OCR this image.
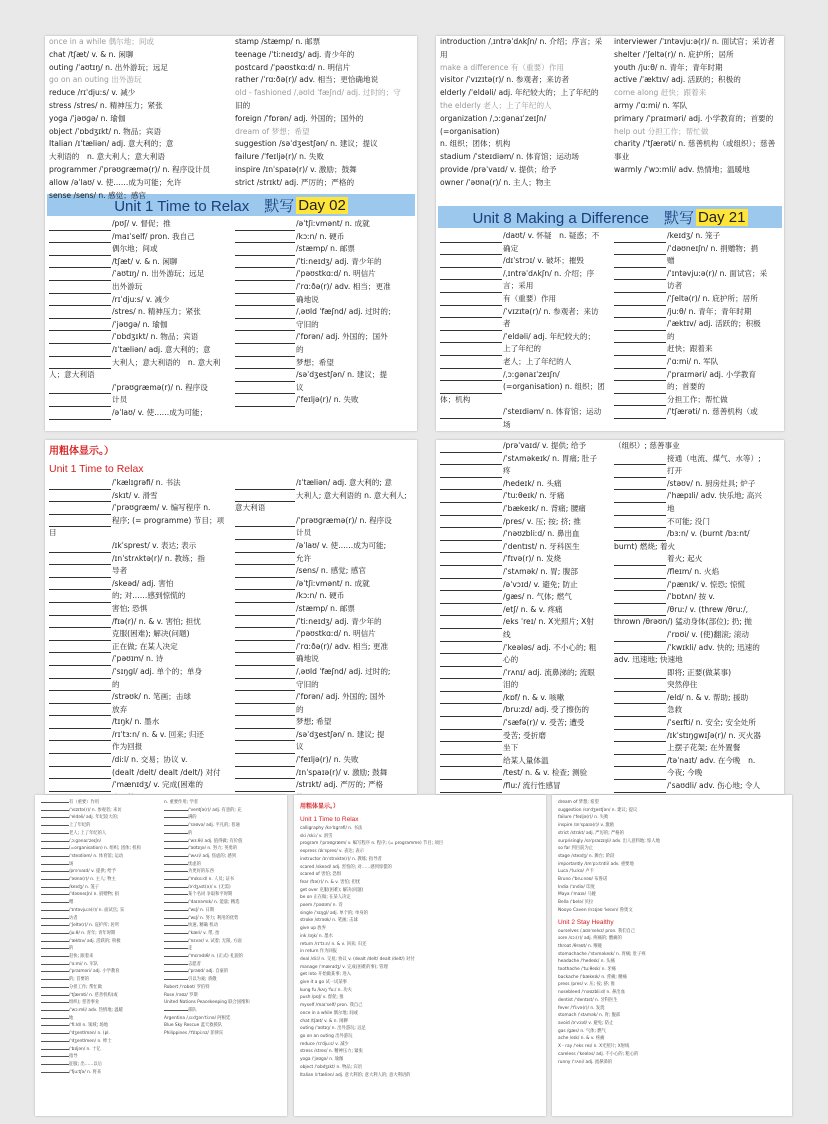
once in a while 偶尔地；间或
chat /tʃæt/ v. & n. 闲聊
outing /ˈaʊtɪŋ/ n. 出外游玩；远足
go on an outing 出外游玩
reduce /rɪˈdjuːs/ v. 减少
stress /stres/ n. 精神压力；紧张
yoga /ˈjəʊɡə/ n. 瑜伽
object /ˈɒbdʒɪkt/ n. 物品；宾语
Italian /ɪˈtæliən/ adj. 意大利的；意
大利语的　n. 意大利人；意大利语
programmer /ˈprəʊɡræmə(r)/ n. 程序设计员
allow /əˈlaʊ/ v. 使……成为可能；允许
sense /sens/ n. 感觉；感官
stamp /stæmp/ n. 邮票
teenage /ˈtiːneɪdʒ/ adj. 青少年的
postcard /ˈpəʊstkɑːd/ n. 明信片
rather /ˈrɑːðə(r)/ adv. 相当；更恰确地说
old - fashioned /ˌəʊld ˈfæʃnd/ adj. 过时的；守
旧的
foreign /ˈfɒrən/ adj. 外国的；国外的
dream of 梦想；希望
suggestion /səˈdʒestʃən/ n. 建议；提议
failure /ˈfeɪljə(r)/ n. 失败
inspire /ɪnˈspaɪə(r)/ v. 激励；鼓舞
strict /strɪkt/ adj. 严厉的；严格的
Unit 1 Time to Relax　默写 Day 02
/pʊʃ/ v. 督促；推
/maɪˈself/ pron. 我自己
偶尔地；间或
/tʃæt/ v. & n. 闲聊
/ˈaʊtɪŋ/ n. 出外游玩；远足
出外游玩
/rɪˈdjuːs/ v. 减少
/stres/ n. 精神压力；紧张
/ˈjəʊɡə/ n. 瑜伽
/ˈɒbdʒɪkt/ n. 物品；宾语
/ɪˈtæliən/ adj. 意大利的；意
大利人；意大利语的　n. 意大利人；意大利语
/ˈprəʊɡræmə(r)/ n. 程序设
计员
/əˈlaʊ/ v. 使……成为可能；
/əˈtʃiːvmənt/ n. 成就
/kɔːn/ n. 硬币
/stæmp/ n. 邮票
/ˈtiːneɪdʒ/ adj. 青少年的
/ˈpəʊstkɑːd/ n. 明信片
/ˈrɑːðə(r)/ adv. 相当；更准
确地说
/ˌəʊld ˈfæʃnd/ adj. 过时的；
守旧的
/ˈfɒrən/ adj. 外国的；国外
的
梦想；希望
/səˈdʒestʃən/ n. 建议；提
议
/ˈfeɪljə(r)/ n. 失败
introduction /ˌɪntrəˈdʌkʃn/ n. 介绍；序言；采
用
make a difference 有（重要）作用
visitor /ˈvɪzɪtə(r)/ n. 参观者；来访者
elderly /ˈeldəli/ adj. 年纪较大的；上了年纪的
the elderly 老人；上了年纪的人
organization /ˌɔːɡənaɪˈzeɪʃn/ (=organisation)
n. 组织；团体；机构
stadium /ˈsteɪdiəm/ n. 体育馆；运动场
provide /prəˈvaɪd/ v. 提供；给予
owner /ˈəʊnə(r)/ n. 主人；物主
interviewer /ˈɪntəvjuːə(r)/ n. 面试官；采访者
shelter /ˈʃeltə(r)/ n. 庇护所；居所
youth /juːθ/ n. 青年；青年时期
active /ˈæktɪv/ adj. 活跃的；积极的
come along 赶快；跟着来
army /ˈɑːmi/ n. 军队
primary /ˈpraɪməri/ adj. 小学教育的；首要的
help out 分担工作；帮忙做
charity /ˈtʃærəti/ n. 慈善机构（或组织）；慈善
事业
warmly /ˈwɔːmli/ adv. 热情地；温暖地
Unit 8 Making a Difference　默写 Day 21
/daʊt/ v. 怀疑　n. 疑惑；不
确定
/dɪˈstrɔɪ/ v. 破坏；摧毁
/ˌɪntrəˈdʌkʃn/ n. 介绍；序
言；采用
有（重要）作用
/ˈvɪzɪtə(r)/ n. 参观者；来访
者
/ˈeldəli/ adj. 年纪较大的；
上了年纪的
老人；上了年纪的人
/ˌɔːɡənaɪˈzeɪʃn/
(=organisation) n. 组织；团体；机构
/ˈsteɪdiəm/ n. 体育馆；运动
场
/keɪdʒ/ n. 笼子
/ˈdəʊneɪʃn/ n. 捐赠物；捐
赠
/ˈɪntəvjuːə(r)/ n. 面试官；采
访者
/ˈʃeltə(r)/ n. 庇护所；居所
/juːθ/ n. 青年；青年时期
/ˈæktɪv/ adj. 活跃的；积极
的
赶快；跟着来
/ˈɑːmi/ n. 军队
/ˈpraɪməri/ adj. 小学教育
的；首要的
分担工作；帮忙做
/ˈtʃærəti/ n. 慈善机构（或
用粗体显示。）
Unit 1 Time to Relax
/ˈkælɪɡrəfi/ n. 书法
/skɪt/ v. 滑雪
/ˈprəʊɡræm/ v. 编写程序 n.
程序; (= programme) 节目；项目
/ɪkˈsprest/ v. 表达; 表示
/ɪnˈstrʌktə(r)/ n. 教练；指
导者
/skeəd/ adj. 害怕
的; 对……感到惊慌的
害怕; 恐惧
/fɪə(r)/ n. & v. 害怕; 担忧
克服(困难); 解决(问题)
正在做; 在某人决定
/ˈpəʊɪm/ n. 诗
/ˈsɪŋɡl/ adj. 单个的；单身
的
/strəʊk/ n. 笔画；击球
放弃
/tɪŋk/ n. 墨水
/rɪˈtɜːn/ n. & v. 回来; 归还
作为回报
/diːl/ n. 交易；协议 v.
(dealt /delt/ dealt /delt/) 对付
/ˈmænɪdʒ/ v. 完成(困难的
/ɪˈtæliən/ adj. 意大利的; 意
大利人; 意大利语的 n. 意大利人; 意大利语
/ˈprəʊɡræmə(r)/ n. 程序设
计员
/əˈlaʊ/ v. 使……成为可能;
允许
/sens/ n. 感觉; 感官
/əˈtʃiːvmənt/ n. 成就
/kɔːn/ n. 硬币
/stæmp/ n. 邮票
/ˈtiːneɪdʒ/ adj. 青少年的
/ˈpəʊstkɑːd/ n. 明信片
/ˈrɑːðə(r)/ adv. 相当; 更准
确地说
/ˌəʊld ˈfæʃnd/ adj. 过时的;
守旧的
/ˈfɒrən/ adj. 外国的; 国外
的
梦想; 希望
/səˈdʒestʃən/ n. 建议; 提
议
/ˈfeɪljə(r)/ n. 失败
/ɪnˈspaɪə(r)/ v. 激励; 鼓舞
/strɪkt/ adj. 严厉的; 严格
/prəˈvaɪd/ v. 提供; 给予
/ˈstʌməkeɪk/ n. 胃痛; 肚子
疼
/hedeɪk/ n. 头痛
/ˈtuːθeɪk/ n. 牙痛
/ˈbækeɪk/ n. 背痛; 腰痛
/pres/ v. 压; 按; 挤; 推
/ˈnəʊzbliːd/ n. 鼻出血
/ˈdentɪst/ n. 牙科医生
/ˈfɪvə(r)/ n. 发烧
/ˈstʌmək/ n. 胃; 腹部
/əˈvɔɪd/ v. 避免; 防止
/ɡæs/ n. 气体; 燃气
/etʃ/ n. & v. 疼痛
/eks ˈreɪ/ n. X光照片; X射
线
/ˈkeələs/ adj. 不小心的; 粗
心的
/ˈrʌnɪ/ adj. 流鼻涕的; 流眼
泪的
/kɒf/ n. & v. 咳嗽
/bruːzd/ adj. 受了擦伤的
/ˈsæfə(r)/ v. 受苦; 遭受
受苦; 受折磨
坐下
给某人量体温
/test/ n. & v. 检查; 测验
/fluː/ 流行性感冒
（组织）; 慈善事业
接通（电流、煤气、水等）;
打开
/stəʊv/ n. 厨房灶具; 炉子
/ˈhæpɪli/ adv. 快乐地; 高兴
地
不可能; 没门
/bɜːn/ v. (burnt /bɜːnt/
burnt) 燃烧; 着火
着火; 起火
/fleɪm/ n. 火焰
/ˈpænɪk/ v. 惊恐; 惊慌
/ˈbɒtʌn/ 按 v.
/θruː/ v. (threw /θruː/,
thrown /θrəʊn/) 猛动身体(部位); 扔; 抛
/ˈrɒʊi/ v. (使)翻滚; 滚动
/ˈkwɪkli/ adv. 快的; 迅速的
adv. 迅速地; 快速地
即将; 正要(做某事)
突然停住
/eld/ n. & v. 帮助; 援助
急救
/ˈseɪfti/ n. 安全; 安全处所
/ɪkˈstɪŋɡwɪʃə(r)/ n. 灭火器
上摆子花架; 在外置餐
/təˈnaɪt/ adv. 在今晚　n.
今夜; 今晚
/ˈsaʊdli/ adv. 伤心地; 令人
有（重要）作用
/ˈvɪzɪtə(r)/ n. 参观者; 来访
/ˈeldəli/ adj. 年纪较大的;
上了年纪的
老人; 上了年纪的人
/ˌɔːɡənaɪˈzeɪʃn/
(=organisation) n. 组织; 团体; 机构
/ˈsteɪdiəm/ n. 体育馆; 运动
场
/prəˈvaɪd/ v. 提供; 给予
/ˈəʊnə(r)/ n. 主人; 物主
/keɪdʒ/ n. 笼子
/ˈdəʊneɪʃn/ n. 捐赠物; 捐
赠
/ˈɪntəvjuːə(r)/ n. 面试官; 采
访者
/ˈʃeltə(r)/ n. 庇护所; 居所
/juːθ/ n. 青年; 青年时期
/ˈæktɪv/ adj. 活跃的; 积极
的
赶快; 跟着来
/ˈɑːmi/ n. 军队
/ˈpraɪməri/ adj. 小学教育
的; 首要的
分担工作; 帮忙做
/ˈtʃærəti/ n. 慈善机构(或
组织); 慈善事业
/ˈwɔːmli/ adv. 热情地; 温暖
地
/ˈfiːld/ n. 领域; 场地
/ˈdʒentlmən/ n. (pl.
/ˈdʒentlmen/ n. 绅士
/ˈbɪljən/ n. 十亿
指导
征服; 出……以后
/ˈfjuːtʃə/ n. 将来
n. 重要作用; 学者
/ˈventʃə(r)/ adj. 有意的; 充
满的
/ˈsəʊvə/ adj. 平凡的; 普通
的
/ˈwɜːθi/ adj. 值得做; 有价值
/ˈaʊtɪŋə/ n. 努力; 英勇的
/ˈwʌri/ adj. 焦虑的; 感到
忧虑的
为更好的东西
/ˈmɪkɑːd/ n. 人员; 证书
/əˈdʒʌst(ə)/ v. (无需)
某个名词 争取和平时期
/ˈdaɪnəmɪk/ n. 能量; 精选
/ˈwɪʃ/ n. 日期
/ˈwɪʃ/ n. 努力; 利用的优势
快速, 精确 机动
/ˈkæri/ v. 带, 抬
/ˈnɛvər/ v. 试着; 无限, 方面
走
/ˈmɛrədɪθ/ n. (正式) 礼貌的
志愿者
/ˈpraʊd/ adj. 自豪的
引以为豪; 骄傲
Robert /ˈrɒbət/ 罗伯特
Rose /rəʊz/ 罗斯
United Nations Peacekeeping 联合国维和
部队
Argentina /ˌɑːdʒənˈtiːnə/ 阿根廷
Blue Sky Rescue 蓝天救援队
Philippines /ˈfɪlɪpiːnz/ 菲律宾
用粗体显示。）
Unit 1 Time to Relax
calligraphy /kəˈlɪɡrəfi/ n. 书法
ski /skiː/ v. 滑雪
program /ˈprəʊɡræm/ v. 编写程序 n. 程序; (= programme) 节目; 项目
express /ɪkˈspres/ v. 表达; 表示
instructor /ɪnˈstrʌktə(r)/ n. 教练; 指导者
scared /skeəd/ adj. 害怕的; 对……感到惊慌的
scared of 害怕; 恐惧
fear /fɪə(r)/ n. & v. 害怕; 担忧
get over 克服(困难); 解决(问题)
be on 正在做; 在某人决定
poem /ˈpəʊɪm/ n. 诗
single /ˈsɪŋɡl/ adj. 单个的; 单身的
stroke /strəʊk/ n. 笔画; 击球
give up 放弃
ink /ɪŋk/ n. 墨水
return /rɪˈtɜːn/ n. & v. 回来; 归还
in return 作为回报
deal /diːl/ n. 交易; 协议 v. (dealt /delt/ dealt /delt/) 对付
manage /ˈmænɪdʒ/ v. 完成(困难的事); 管理
get into 开始做某事; 进入
give it a go 试一试某事
kung fu /kʌŋ ˈfuː/ n. 功夫
push /pʊʃ/ v. 督促; 推
myself /maɪˈself/ pron. 我自己
once in a while 偶尔地; 间或
chat /tʃæt/ v. & n. 闲聊
outing /ˈaʊtɪŋ/ n. 出外游玩; 远足
go on an outing 出外游玩
reduce /rɪˈdjuːs/ v. 减少
stress /stres/ n. 精神压力; 紧张
yoga /ˈjəʊɡə/ n. 瑜伽
object /ˈɒbdʒɪkt/ n. 物品; 宾语
Italian /ɪˈtæliən/ adj. 意大利的; 意大利人的; 意大利语的
dream of 梦想; 希望
suggestion /səˈdʒestʃən/ n. 建议; 提议
failure /ˈfeɪljə(r)/ n. 失败
inspire /ɪnˈspaɪə(r)/ v. 激励
strict /strɪkt/ adj. 严厉的; 严格的
surprisingly /səˈpraɪzɪŋli/ adv. 出人意料地; 惊人地
so far 到目前为止
stage /steɪdʒ/ n. 舞台; 阶段
importantly /ɪmˈpɔːtntli/ adv. 重要地
Luca /ˈluːkə/ 卢卡
Bruno /ˈbruːnəʊ/ 布鲁诺
India /ˈɪndiə/ 印度
Maya /ˈmaɪə/ 马娅
Bella /ˈbelə/ 贝拉
Nooyo Caven /nɔɪjəʊ ˈkeɪvn/ 鲁奥文
Unit 2 Stay Healthy
ourselves /ˌaʊəˈselvz/ pron. 我们自己
sore /sɔː(r)/ adj. 疼痛的; 酸痛的
throat /θrəʊt/ n. 喉咙
stomachache /ˈstʌməkeɪk/ n. 胃痛; 肚子疼
headache /ˈhedeɪk/ n. 头痛
toothache /ˈtuːθeɪk/ n. 牙痛
backache /ˈbækeɪk/ n. 背痛; 腰痛
press /pres/ v. 压; 按; 挤; 推
nosebleed /ˈnəʊzbliːd/ n. 鼻出血
dentist /ˈdentɪst/ n. 牙科医生
fever /ˈfiːvə(r)/ n. 发烧
stomach /ˈstʌmək/ n. 胃; 腹部
avoid /əˈvɔɪd/ v. 避免; 防止
gas /ɡæs/ n. 气体; 燃气
ache /eɪk/ n. & v. 疼痛
X - ray /ˈeks reɪ/ n. X光照片; X射线
careless /ˈkeələs/ adj. 不小心的; 粗心的
runny /ˈrʌni/ adj. 流鼻涕的
